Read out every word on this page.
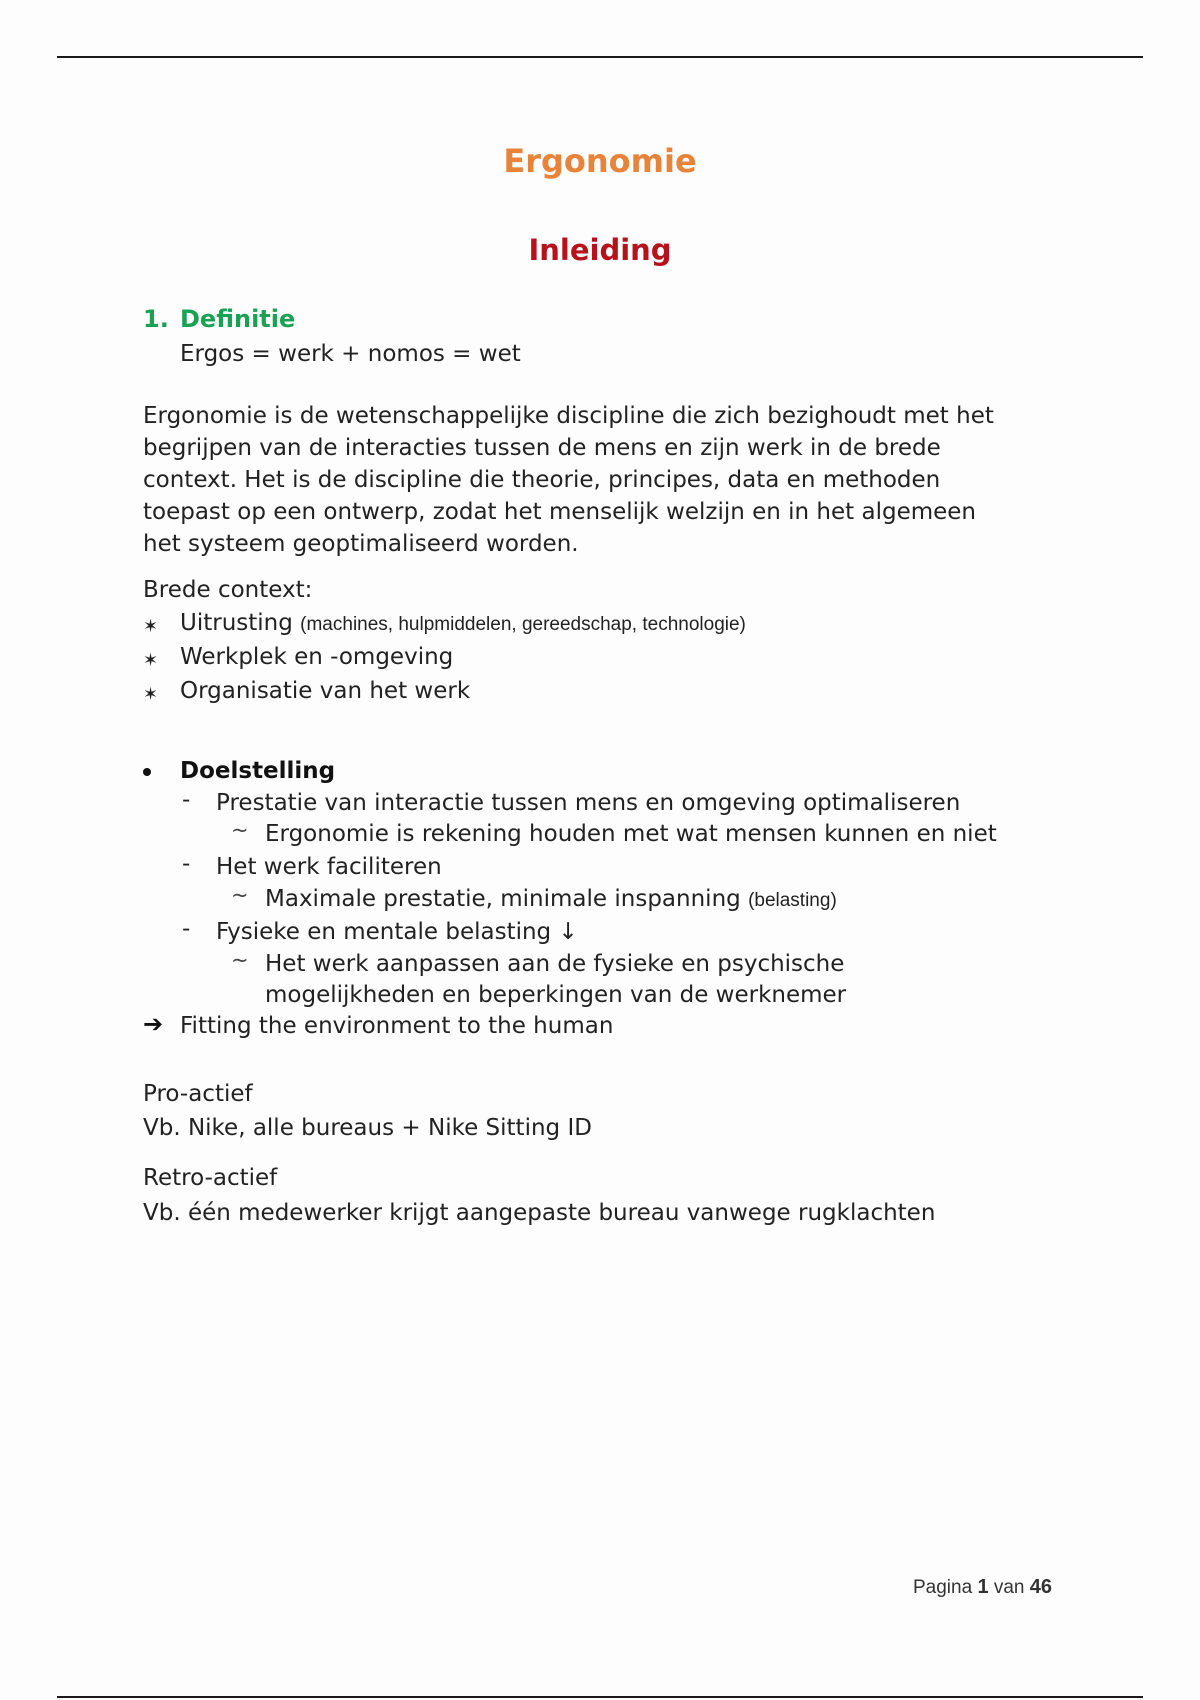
Ergonomie
Inleiding
1. Definitie
Ergos = werk + nomos = wet
Ergonomie is de wetenschappelijke discipline die zich bezighoudt met het
begrijpen van de interacties tussen de mens en zijn werk in de brede
context. Het is de discipline die theorie, principes, data en methoden
toepast op een ontwerp, zodat het menselijk welzijn en in het algemeen
het systeem geoptimaliseerd worden.
Brede context:
✶ Uitrusting (machines, hulpmiddelen, gereedschap, technologie)
✶ Werkplek en -omgeving
✶ Organisatie van het werk
Doelstelling
- Prestatie van interactie tussen mens en omgeving optimaliseren
~ Ergonomie is rekening houden met wat mensen kunnen en niet
- Het werk faciliteren
~ Maximale prestatie, minimale inspanning (belasting)
- Fysieke en mentale belasting ↓
~ Het werk aanpassen aan de fysieke en psychische
mogelijkheden en beperkingen van de werknemer
➔ Fitting the environment to the human
Pro-actief
Vb. Nike, alle bureaus + Nike Sitting ID
Retro-actief
Vb. één medewerker krijgt aangepaste bureau vanwege rugklachten
Pagina 1 van 46
